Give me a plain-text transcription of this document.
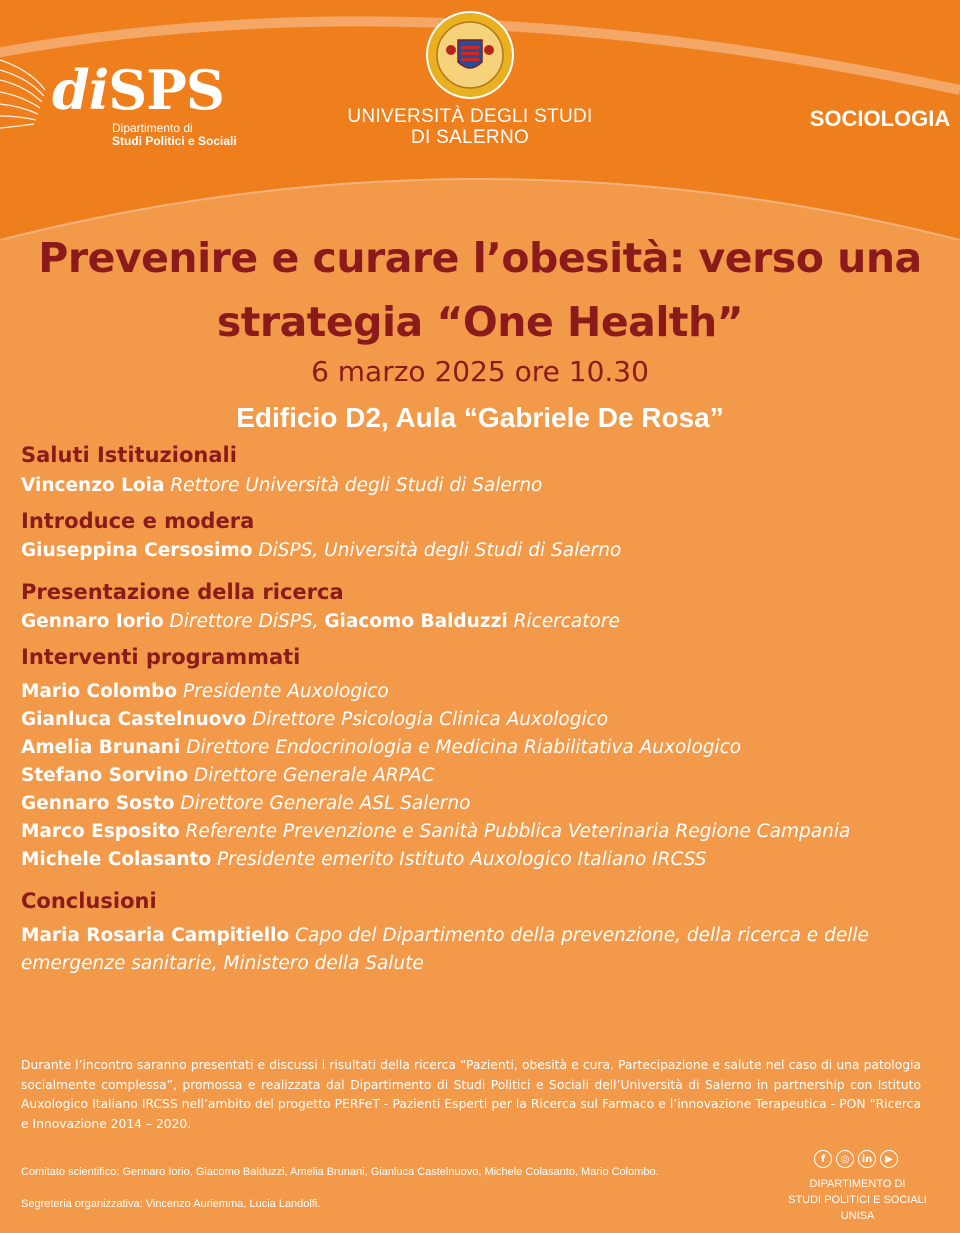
diSPS
Dipartimento di
Studi Politici e Sociali
UNIVERSITÀ DEGLI STUDI
DI SALERNO
SOCIOLOGIA
Prevenire e curare l’obesità: verso una
strategia “One Health”
6 marzo 2025 ore 10.30
Edificio D2, Aula “Gabriele De Rosa”
Saluti Istituzionali
Vincenzo Loia Rettore Università degli Studi di Salerno
Introduce e modera
Giuseppina Cersosimo DiSPS, Università degli Studi di Salerno
Presentazione della ricerca
Gennaro Iorio Direttore DiSPS, Giacomo Balduzzi Ricercatore
Interventi programmati
Mario Colombo Presidente Auxologico
Gianluca Castelnuovo Direttore Psicologia Clinica Auxologico
Amelia Brunani Direttore Endocrinologia e Medicina Riabilitativa Auxologico
Stefano Sorvino Direttore Generale ARPAC
Gennaro Sosto Direttore Generale ASL Salerno
Marco Esposito Referente Prevenzione e Sanità Pubblica Veterinaria Regione Campania
Michele Colasanto Presidente emerito Istituto Auxologico Italiano IRCSS
Conclusioni
Maria Rosaria Campitiello Capo del Dipartimento della prevenzione, della ricerca e delle
emergenze sanitarie, Ministero della Salute
Durante l’incontro saranno presentati e discussi i risultati della ricerca “Pazienti, obesità e cura. Partecipazione e salute nel caso di una patologia socialmente complessa”, promossa e realizzata dal Dipartimento di Studi Politici e Sociali dell’Università di Salerno in partnership con Istituto Auxologico Italiano IRCSS nell’ambito del progetto PERFeT - Pazienti Esperti per la Ricerca sul Farmaco e l’innovazione Terapeutica - PON “Ricerca e Innovazione 2014 – 2020.
Comitato scientifico: Gennaro Iorio, Giacomo Balduzzi, Amelia Brunani, Gianluca Castelnuovo, Michele Colasanto, Mario Colombo.
Segreteria organizzativa: Vincenzo Auriemma, Lucia Landolfi.
f	◎	in	▶
DIPARTIMENTO DI
STUDI POLITICI E SOCIALI
UNISA
